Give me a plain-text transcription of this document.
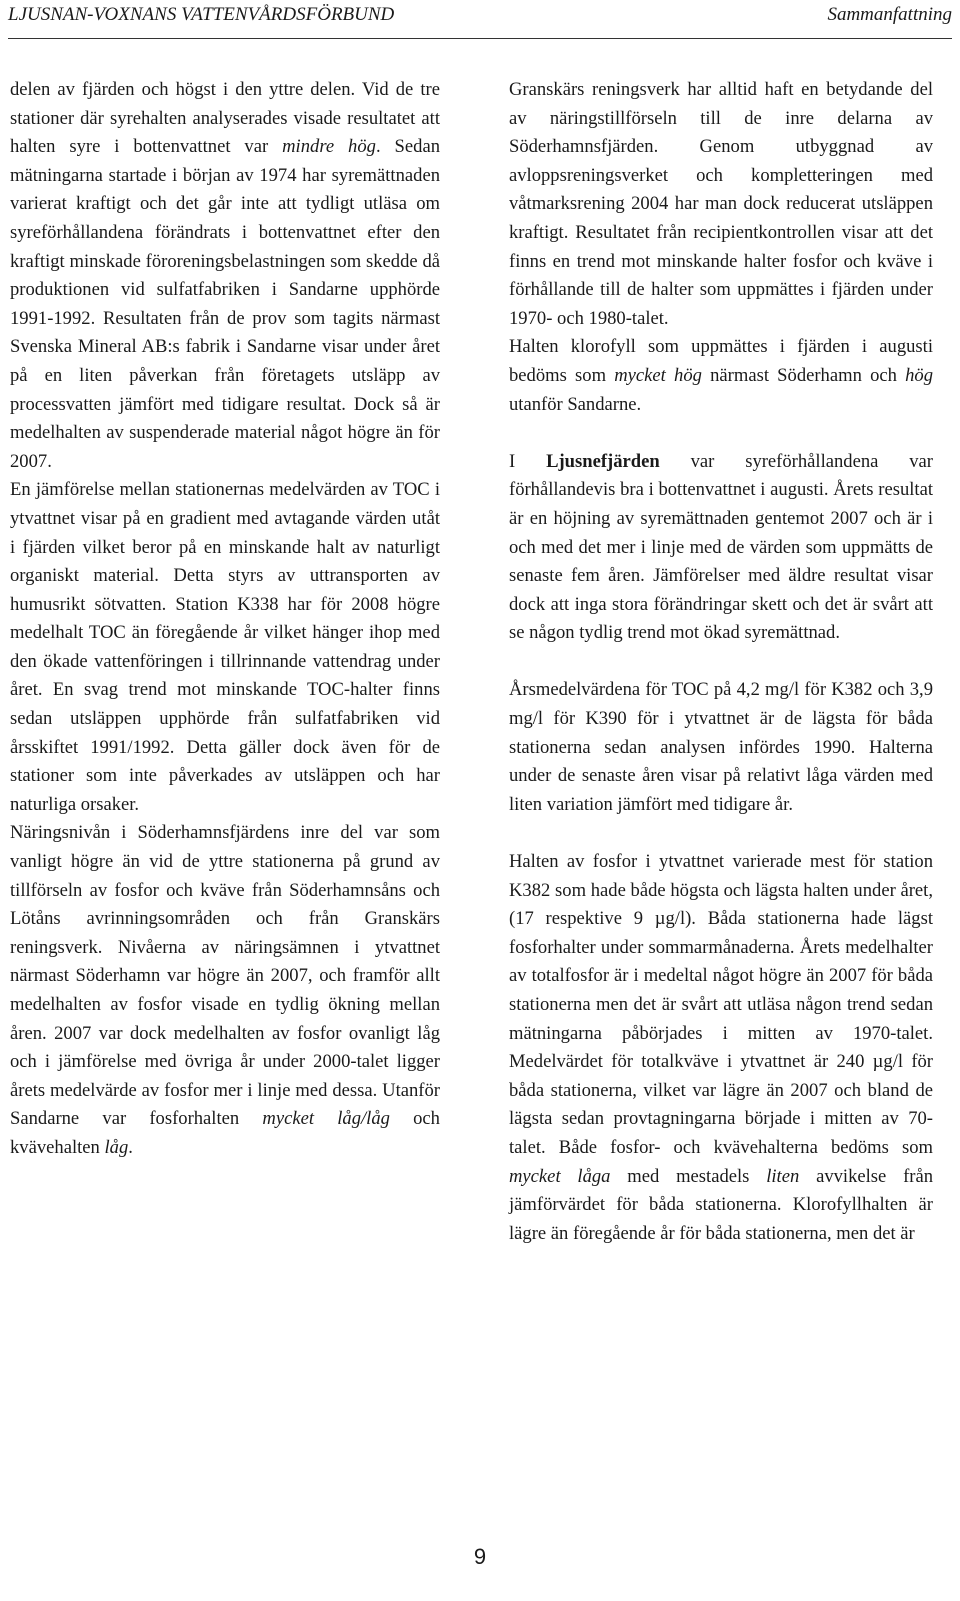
LJUSNAN-VOXNANS VATTENVÅRDSFÖRBUND	Sammanfattning

delen av fjärden och högst i den yttre delen. Vid de tre stationer där syrehalten analyserades visade resultatet att halten syre i bottenvattnet var mindre hög. Sedan mätningarna startade i början av 1974 har syremättnaden varierat kraftigt och det går inte att tydligt utläsa om syreförhållandena förändrats i bottenvattnet efter den kraftigt minskade föroreningsbelastningen som skedde då produktionen vid sulfatfabriken i Sandarne upphörde 1991-1992. Resultaten från de prov som tagits närmast Svenska Mineral AB:s fabrik i Sandarne visar under året på en liten påverkan från företagets utsläpp av processvatten jämfört med tidigare resultat. Dock så är medelhalten av suspenderade material något högre än för 2007.

En jämförelse mellan stationernas medelvärden av TOC i ytvattnet visar på en gradient med avtagande värden utåt i fjärden vilket beror på en minskande halt av naturligt organiskt material. Detta styrs av uttransporten av humusrikt sötvatten. Station K338 har för 2008 högre medelhalt TOC än föregående år vilket hänger ihop med den ökade vattenföringen i tillrinnande vattendrag under året. En svag trend mot minskande TOC-halter finns sedan utsläppen upphörde från sulfatfabriken vid årsskiftet 1991/1992. Detta gäller dock även för de stationer som inte påverkades av utsläppen och har naturliga orsaker.

Näringsnivån i Söderhamnsfjärdens inre del var som vanligt högre än vid de yttre stationerna på grund av tillförseln av fosfor och kväve från Söderhamnsåns och Lötåns avrinningsområden och från Granskärs reningsverk. Nivåerna av näringsämnen i ytvattnet närmast Söderhamn var högre än 2007, och framför allt medelhalten av fosfor visade en tydlig ökning mellan åren. 2007 var dock medelhalten av fosfor ovanligt låg och i jämförelse med övriga år under 2000-talet ligger årets medelvärde av fosfor mer i linje med dessa. Utanför Sandarne var fosforhalten mycket låg/låg och kvävehalten låg.

Granskärs reningsverk har alltid haft en betydande del av näringstillförseln till de inre delarna av Söderhamnsfjärden. Genom utbyggnad av avloppsreningsverket och kompletteringen med våtmarksrening 2004 har man dock reducerat utsläppen kraftigt. Resultatet från recipientkontrollen visar att det finns en trend mot minskande halter fosfor och kväve i förhållande till de halter som uppmättes i fjärden under 1970- och 1980-talet.

Halten klorofyll som uppmättes i fjärden i augusti bedöms som mycket hög närmast Söderhamn och hög utanför Sandarne.

I Ljusnefjärden var syreförhållandena var förhållandevis bra i bottenvattnet i augusti. Årets resultat är en höjning av syremättnaden gentemot 2007 och är i och med det mer i linje med de värden som uppmätts de senaste fem åren. Jämförelser med äldre resultat visar dock att inga stora förändringar skett och det är svårt att se någon tydlig trend mot ökad syremättnad.

Årsmedelvärdena för TOC på 4,2 mg/l för K382 och 3,9 mg/l för K390 för i ytvattnet är de lägsta för båda stationerna sedan analysen infördes 1990. Halterna under de senaste åren visar på relativt låga värden med liten variation jämfört med tidigare år.

Halten av fosfor i ytvattnet varierade mest för station K382 som hade både högsta och lägsta halten under året, (17 respektive 9 µg/l). Båda stationerna hade lägst fosforhalter under sommarmånaderna. Årets medelhalter av totalfosfor är i medeltal något högre än 2007 för båda stationerna men det är svårt att utläsa någon trend sedan mätningarna påbörjades i mitten av 1970-talet. Medelvärdet för totalkväve i ytvattnet är 240 µg/l för båda stationerna, vilket var lägre än 2007 och bland de lägsta sedan provtagningarna började i mitten av 70-talet. Både fosfor- och kvävehalterna bedöms som mycket låga med mestadels liten avvikelse från jämförvärdet för båda stationerna. Klorofyllhalten är lägre än föregående år för båda stationerna, men det är

9
